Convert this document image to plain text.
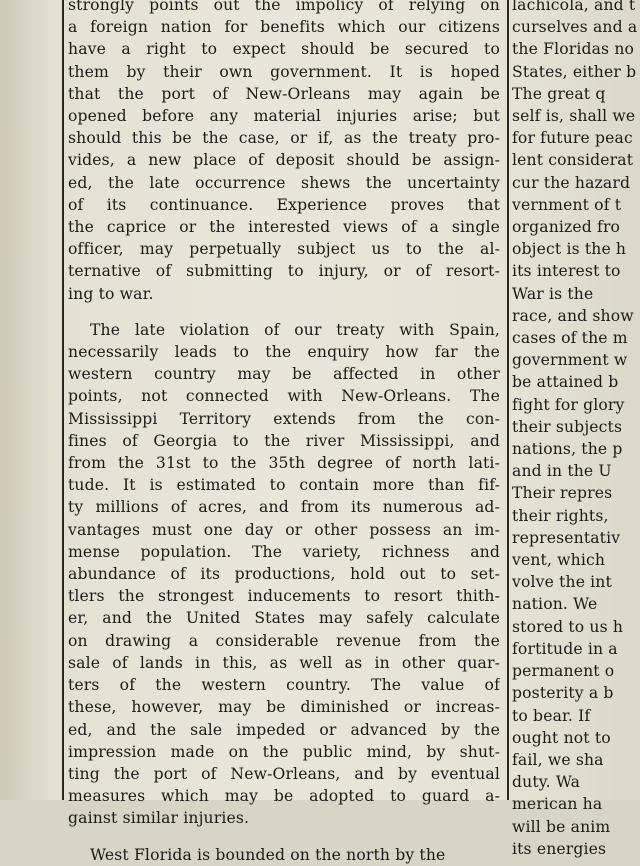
strongly points out the impolicy of relying on
a foreign nation for benefits which our citizens
have a right to expect should be secured to
them by their own government. It is hoped
that the port of New-Orleans may again be
opened before any material injuries arise; but
should this be the case, or if, as the treaty pro-
vides, a new place of deposit should be assign-
ed, the late occurrence shews the uncertainty
of its continuance. Experience proves that
the caprice or the interested views of a single
officer, may perpetually subject us to the al-
ternative of submitting to injury, or of resort-
ing to war.
The late violation of our treaty with Spain,
necessarily leads to the enquiry how far the
western country may be affected in other
points, not connected with New-Orleans. The
Mississippi Territory extends from the con-
fines of Georgia to the river Mississippi, and
from the 31st to the 35th degree of north lati-
tude. It is estimated to contain more than fif-
ty millions of acres, and from its numerous ad-
vantages must one day or other possess an im-
mense population. The variety, richness and
abundance of its productions, hold out to set-
tlers the strongest inducements to resort thith-
er, and the United States may safely calculate
on drawing a considerable revenue from the
sale of lands in this, as well as in other quar-
ters of the western country. The value of
these, however, may be diminished or increas-
ed, and the sale impeded or advanced by the
impression made on the public mind, by shut-
ting the port of New-Orleans, and by eventual
measures which may be adopted to guard a-
gainst similar injuries.
West Florida is bounded on the north by the
lachicola, and t
curselves and a
the Floridas no
States, either b
The great q
self is, shall we
for future peac
lent considerat
cur the hazard
vernment of t
organized fro
object is the h
its interest to
War is the
race, and show
cases of the m
government w
be attained b
fight for glory
their subjects
nations, the p
and in the U
Their repres
their rights,
representativ
vent, which
volve the int
nation. We
stored to us h
fortitude in a
permanent o
posterity a b
to bear. If
ought not to
fail, we sha
duty. Wa
merican ha
will be anim
its energies
